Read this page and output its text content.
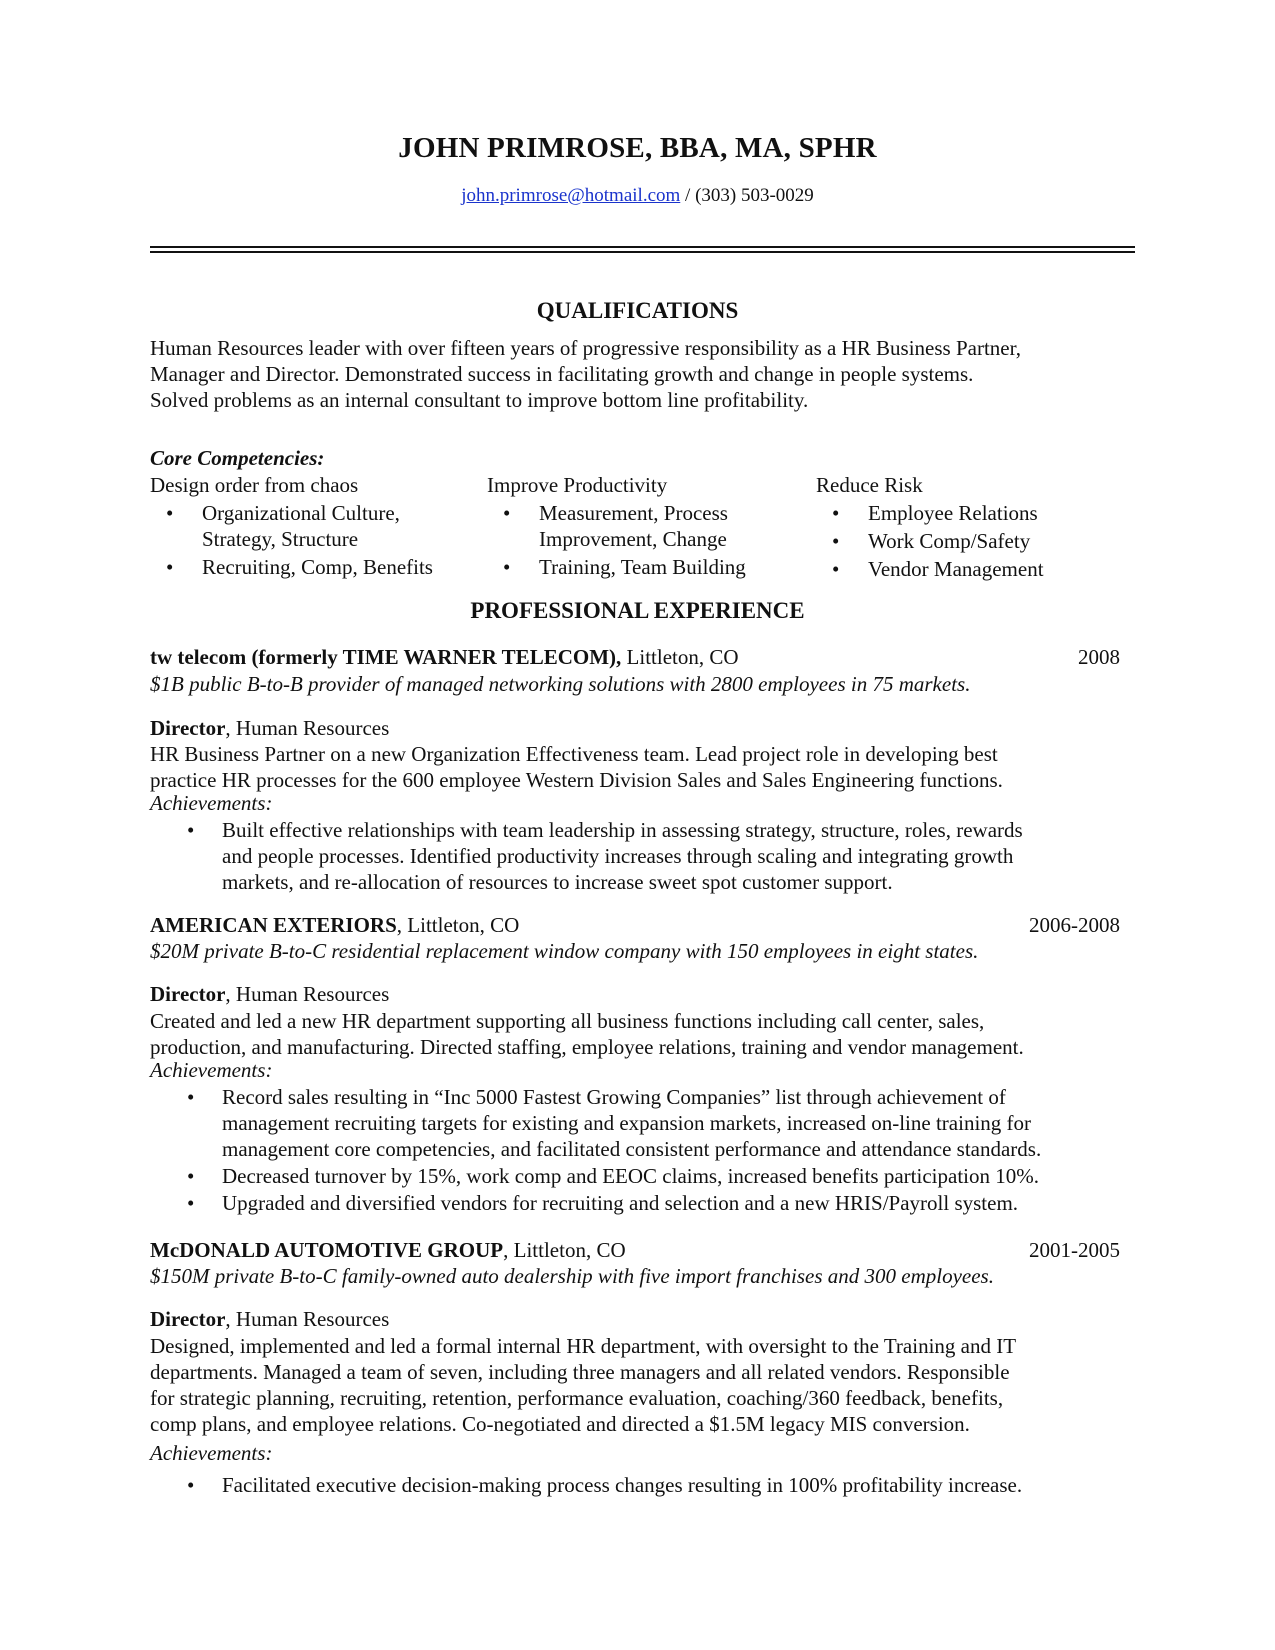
JOHN PRIMROSE, BBA, MA, SPHR
john.primrose@hotmail.com / (303) 503-0029
QUALIFICATIONS
Human Resources leader with over fifteen years of progressive responsibility as a HR Business Partner,
Manager and Director. Demonstrated success in facilitating growth and change in people systems.
Solved problems as an internal consultant to improve bottom line profitability.
Core Competencies:
Design order from chaos
• Organizational Culture,
Strategy, Structure
• Recruiting, Comp, Benefits
Improve Productivity
• Measurement, Process
Improvement, Change
• Training, Team Building
Reduce Risk
• Employee Relations
• Work Comp/Safety
• Vendor Management
PROFESSIONAL EXPERIENCE
tw telecom (formerly TIME WARNER TELECOM), Littleton, CO	2008
$1B public B-to-B provider of managed networking solutions with 2800 employees in 75 markets.
Director, Human Resources
HR Business Partner on a new Organization Effectiveness team. Lead project role in developing best
practice HR processes for the 600 employee Western Division Sales and Sales Engineering functions.
Achievements:
• Built effective relationships with team leadership in assessing strategy, structure, roles, rewards
and people processes. Identified productivity increases through scaling and integrating growth
markets, and re-allocation of resources to increase sweet spot customer support.
AMERICAN EXTERIORS, Littleton, CO	2006-2008
$20M private B-to-C residential replacement window company with 150 employees in eight states.
Director, Human Resources
Created and led a new HR department supporting all business functions including call center, sales,
production, and manufacturing. Directed staffing, employee relations, training and vendor management.
Achievements:
• Record sales resulting in “Inc 5000 Fastest Growing Companies” list through achievement of
management recruiting targets for existing and expansion markets, increased on-line training for
management core competencies, and facilitated consistent performance and attendance standards.
• Decreased turnover by 15%, work comp and EEOC claims, increased benefits participation 10%.
• Upgraded and diversified vendors for recruiting and selection and a new HRIS/Payroll system.
McDONALD AUTOMOTIVE GROUP, Littleton, CO	2001-2005
$150M private B-to-C family-owned auto dealership with five import franchises and 300 employees.
Director, Human Resources
Designed, implemented and led a formal internal HR department, with oversight to the Training and IT
departments. Managed a team of seven, including three managers and all related vendors. Responsible
for strategic planning, recruiting, retention, performance evaluation, coaching/360 feedback, benefits,
comp plans, and employee relations. Co-negotiated and directed a $1.5M legacy MIS conversion.
Achievements:
• Facilitated executive decision-making process changes resulting in 100% profitability increase.
